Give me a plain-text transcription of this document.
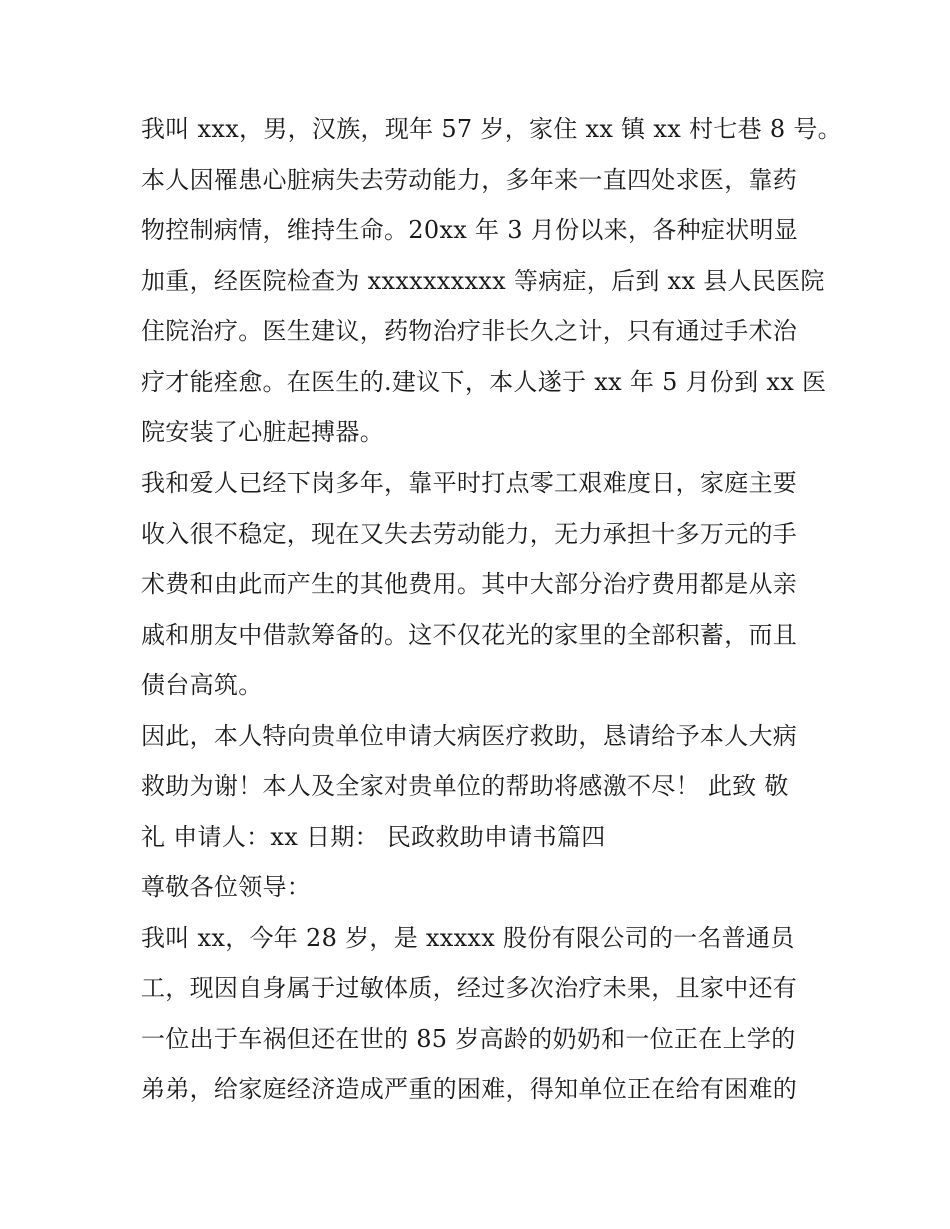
我叫 xxx，男，汉族，现年 57 岁，家住 xx 镇 xx 村七巷 8 号。
本人因罹患心脏病失去劳动能力，多年来一直四处求医，靠药
物控制病情，维持生命。20xx 年 3 月份以来，各种症状明显
加重，经医院检查为 xxxxxxxxxx 等病症，后到 xx 县人民医院
住院治疗。医生建议，药物治疗非长久之计，只有通过手术治
疗才能痊愈。在医生的.建议下，本人遂于 xx 年 5 月份到 xx 医
院安装了心脏起搏器。
我和爱人已经下岗多年，靠平时打点零工艰难度日，家庭主要
收入很不稳定，现在又失去劳动能力，无力承担十多万元的手
术费和由此而产生的其他费用。其中大部分治疗费用都是从亲
戚和朋友中借款筹备的。这不仅花光的家里的全部积蓄，而且
债台高筑。
因此，本人特向贵单位申请大病医疗救助，恳请给予本人大病
救助为谢！本人及全家对贵单位的帮助将感激不尽！ 此致 敬
礼 申请人：xx 日期： 民政救助申请书篇四
尊敬各位领导：
我叫 xx，今年 28 岁，是 xxxxx 股份有限公司的一名普通员
工，现因自身属于过敏体质，经过多次治疗未果，且家中还有
一位出于车祸但还在世的 85 岁高龄的奶奶和一位正在上学的
弟弟，给家庭经济造成严重的困难，得知单位正在给有困难的
